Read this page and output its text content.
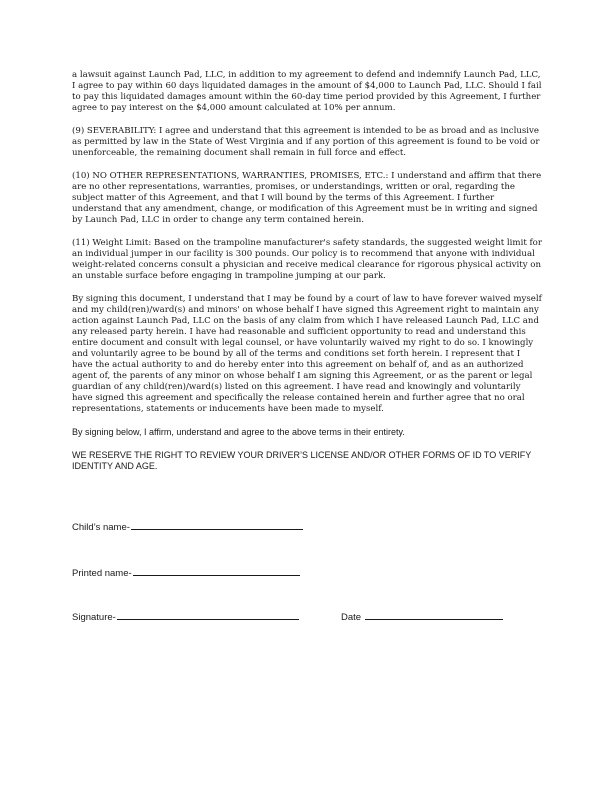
a lawsuit against Launch Pad, LLC, in addition to my agreement to defend and indemnify Launch Pad, LLC, I agree to pay within 60 days liquidated damages in the amount of $4,000 to Launch Pad, LLC. Should I fail to pay this liquidated damages amount within the 60-day time period provided by this Agreement, I further agree to pay interest on the $4,000 amount calculated at 10% per annum.

(9) SEVERABILITY: I agree and understand that this agreement is intended to be as broad and as inclusive as permitted by law in the State of West Virginia and if any portion of this agreement is found to be void or unenforceable, the remaining document shall remain in full force and effect.

(10) NO OTHER REPRESENTATIONS, WARRANTIES, PROMISES, ETC.: I understand and affirm that there are no other representations, warranties, promises, or understandings, written or oral, regarding the subject matter of this Agreement, and that I will bound by the terms of this Agreement. I further understand that any amendment, change, or modification of this Agreement must be in writing and signed by Launch Pad, LLC in order to change any term contained herein.

(11) Weight Limit: Based on the trampoline manufacturer's safety standards, the suggested weight limit for an individual jumper in our facility is 300 pounds. Our policy is to recommend that anyone with individual weight-related concerns consult a physician and receive medical clearance for rigorous physical activity on an unstable surface before engaging in trampoline jumping at our park.

By signing this document, I understand that I may be found by a court of law to have forever waived myself and my child(ren)/ward(s) and minors' on whose behalf I have signed this Agreement right to maintain any action against Launch Pad, LLC on the basis of any claim from which I have released Launch Pad, LLC and any released party herein. I have had reasonable and sufficient opportunity to read and understand this entire document and consult with legal counsel, or have voluntarily waived my right to do so. I knowingly and voluntarily agree to be bound by all of the terms and conditions set forth herein. I represent that I have the actual authority to and do hereby enter into this agreement on behalf of, and as an authorized agent of, the parents of any minor on whose behalf I am signing this Agreement, or as the parent or legal guardian of any child(ren)/ward(s) listed on this agreement. I have read and knowingly and voluntarily have signed this agreement and specifically the release contained herein and further agree that no oral representations, statements or inducements have been made to myself.

By signing below, I affirm, understand and agree to the above terms in their entirety.

WE RESERVE THE RIGHT TO REVIEW YOUR DRIVER’S LICENSE AND/OR OTHER FORMS OF ID TO VERIFY IDENTITY AND AGE.

Child’s name-
Printed name-
Signature-	Date
